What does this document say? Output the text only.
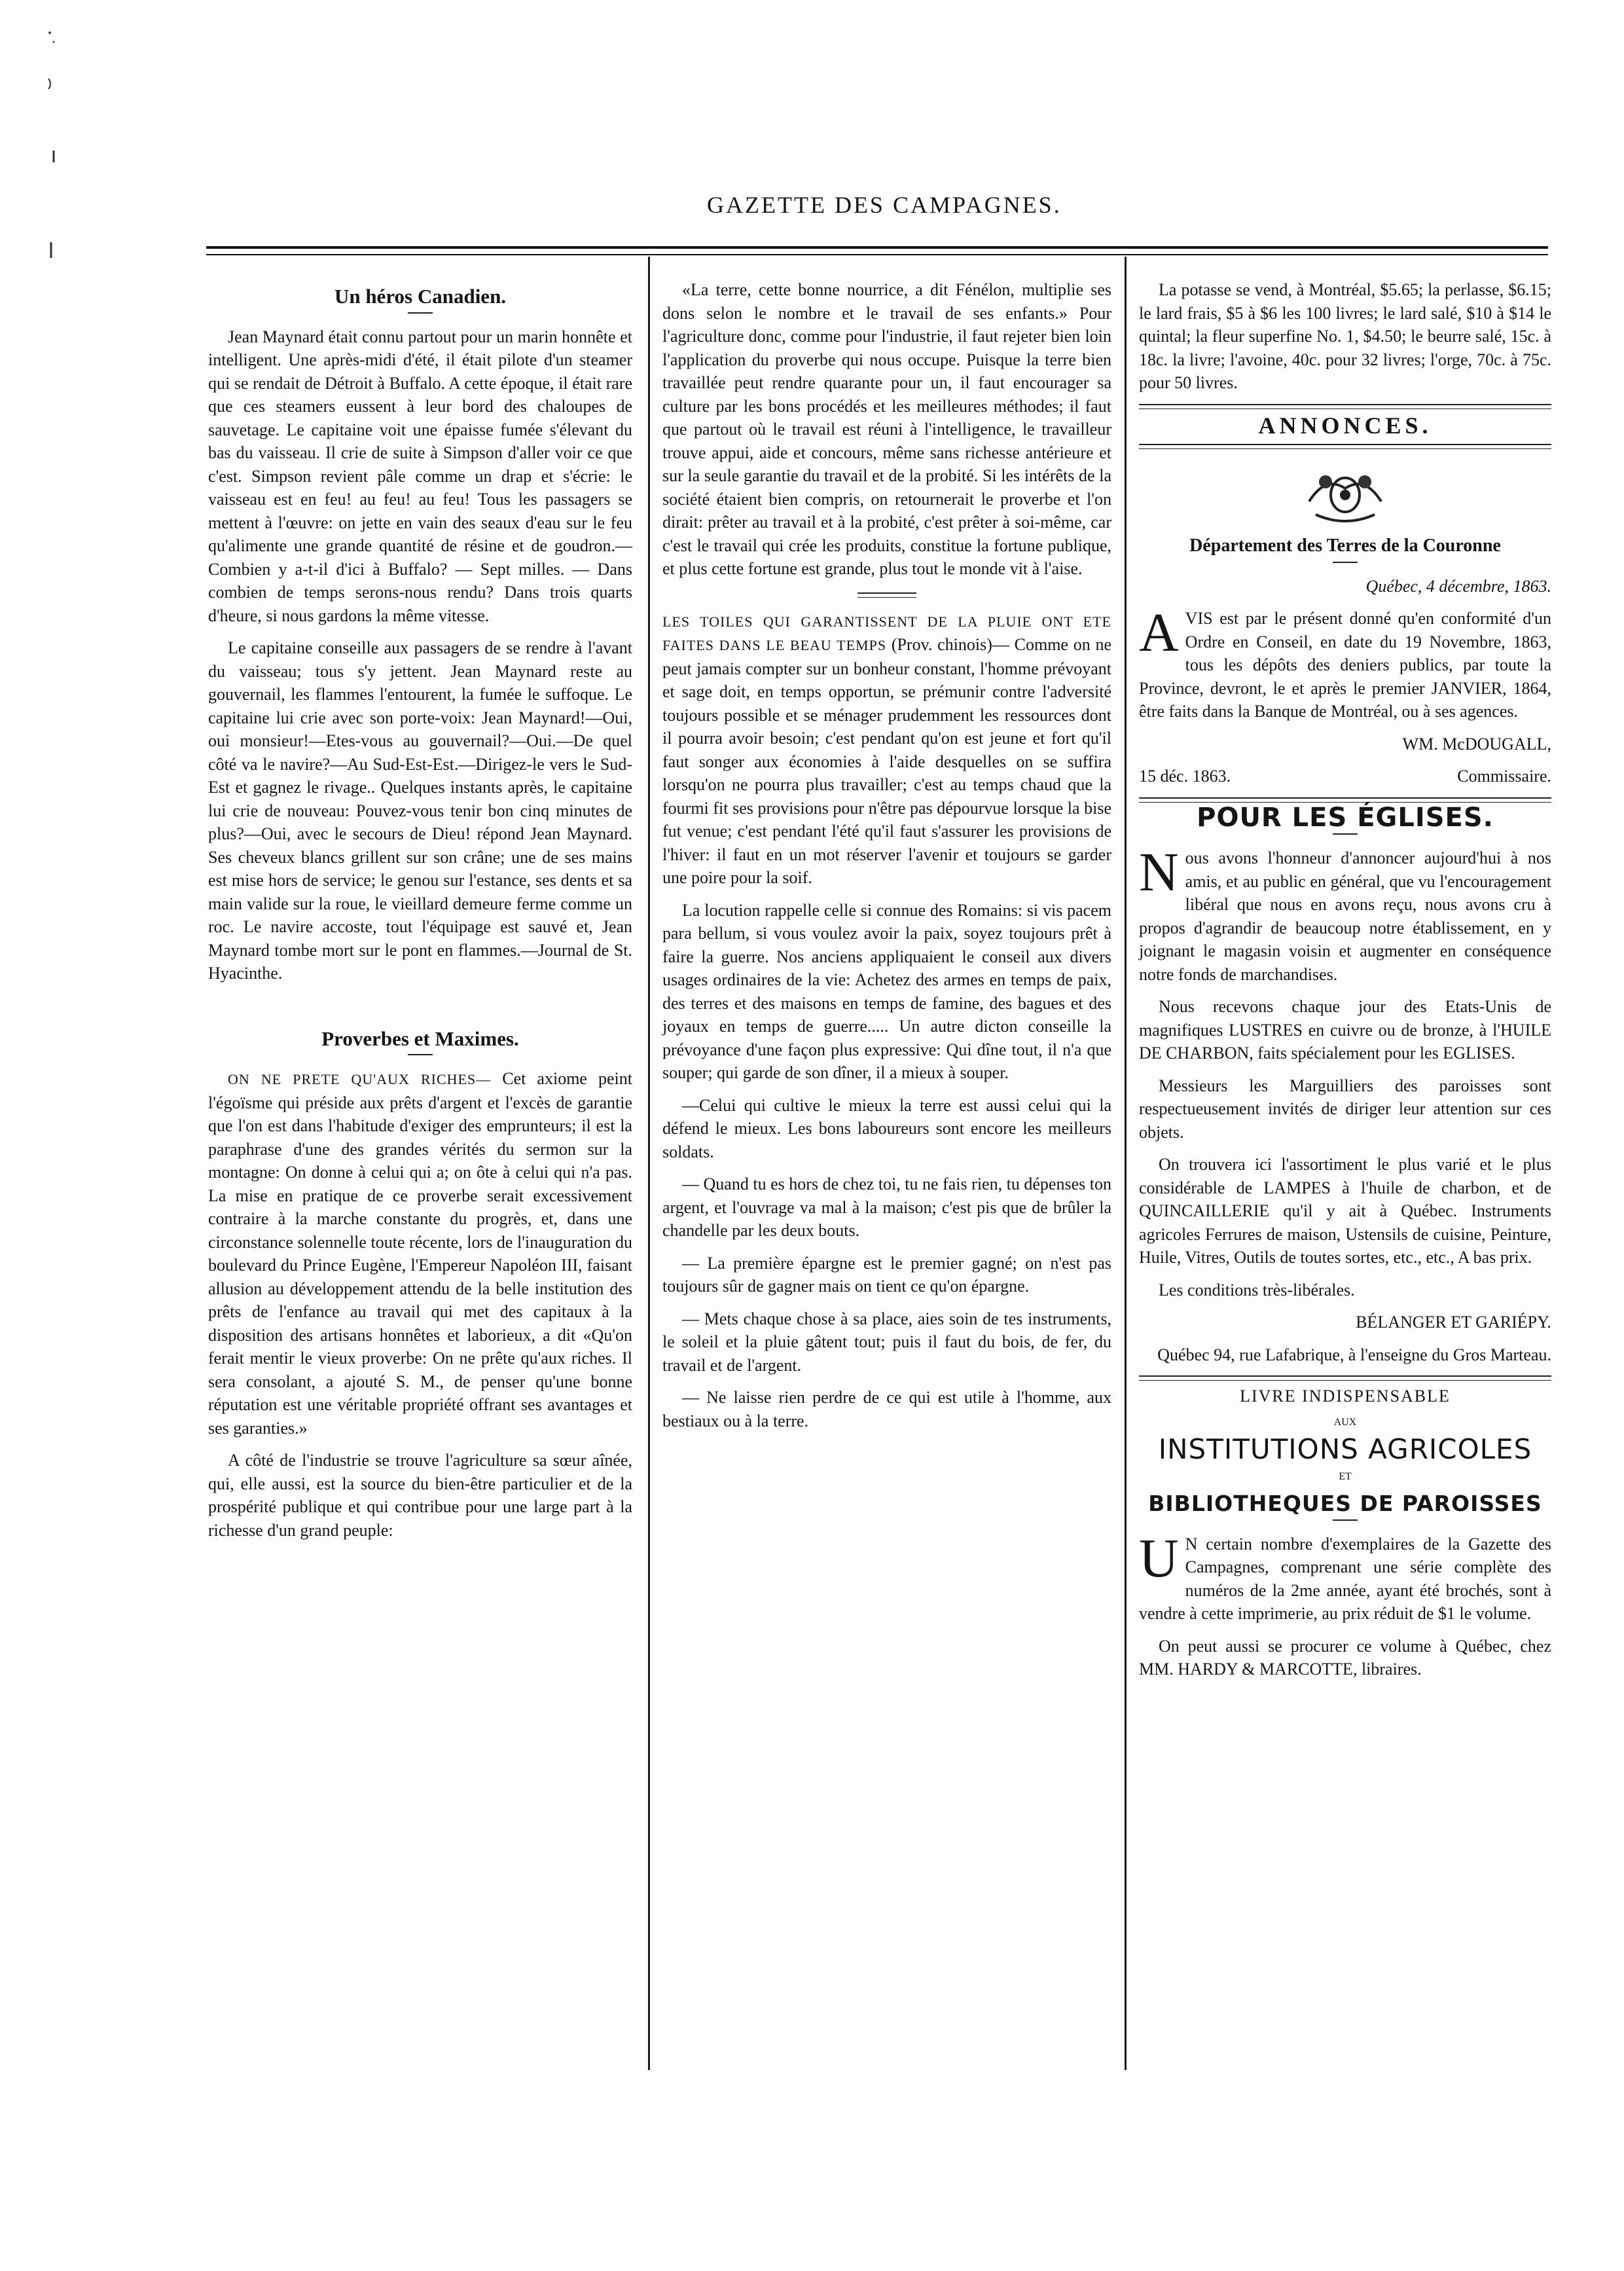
GAZETTE DES CAMPAGNES.
Un héros Canadien.

Jean Maynard était connu partout pour un marin honnête et intelligent. Une après-midi d'été, il était pilote d'un steamer qui se rendait de Détroit à Buffalo. A cette époque, il était rare que ces steamers eussent à leur bord des chaloupes de sauvetage. Le capitaine voit une épaisse fumée s'élevant du bas du vaisseau. Il crie de suite à Simpson d'aller voir ce que c'est. Simpson revient pâle comme un drap et s'écrie: le vaisseau est en feu! au feu! au feu! Tous les passagers se mettent à l'œuvre: on jette en vain des seaux d'eau sur le feu qu'alimente une grande quantité de résine et de goudron.—Combien y a-t-il d'ici à Buffalo? — Sept milles. — Dans combien de temps serons-nous rendu? Dans trois quarts d'heure, si nous gardons la même vitesse.

Le capitaine conseille aux passagers de se rendre à l'avant du vaisseau; tous s'y jettent. Jean Maynard reste au gouvernail, les flammes l'entourent, la fumée le suffoque. Le capitaine lui crie avec son porte-voix: Jean Maynard!—Oui, oui monsieur!—Etes-vous au gouvernail?—Oui.—De quel côté va le navire?—Au Sud-Est-Est.—Dirigez-le vers le Sud-Est et gagnez le rivage.. Quelques instants après, le capitaine lui crie de nouveau: Pouvez-vous tenir bon cinq minutes de plus?—Oui, avec le secours de Dieu! répond Jean Maynard. Ses cheveux blancs grillent sur son crâne; une de ses mains est mise hors de service; le genou sur l'estance, ses dents et sa main valide sur la roue, le vieillard demeure ferme comme un roc. Le navire accoste, tout l'équipage est sauvé et, Jean Maynard tombe mort sur le pont en flammes.—Journal de St. Hyacinthe.

Proverbes et Maximes.

ON NE PRETE QU'AUX RICHES— Cet axiome peint l'égoïsme qui préside aux prêts d'argent et l'excès de garantie que l'on est dans l'habitude d'exiger des emprunteurs; il est la paraphrase d'une des grandes vérités du sermon sur la montagne: On donne à celui qui a; on ôte à celui qui n'a pas. La mise en pratique de ce proverbe serait excessivement contraire à la marche constante du progrès, et, dans une circonstance solennelle toute récente, lors de l'inauguration du boulevard du Prince Eugène, l'Empereur Napoléon III, faisant allusion au développement attendu de la belle institution des prêts de l'enfance au travail qui met des capitaux à la disposition des artisans honnêtes et laborieux, a dit «Qu'on ferait mentir le vieux proverbe: On ne prête qu'aux riches. Il sera consolant, a ajouté S. M., de penser qu'une bonne réputation est une véritable propriété offrant ses avantages et ses garanties.»

A côté de l'industrie se trouve l'agriculture sa sœur aînée, qui, elle aussi, est la source du bien-être particulier et de la prospérité publique et qui contribue pour une large part à la richesse d'un grand peuple:

«La terre, cette bonne nourrice, a dit Fénélon, multiplie ses dons selon le nombre et le travail de ses enfants.» Pour l'agriculture donc, comme pour l'industrie, il faut rejeter bien loin l'application du proverbe qui nous occupe. Puisque la terre bien travaillée peut rendre quarante pour un, il faut encourager sa culture par les bons procédés et les meilleures méthodes; il faut que partout où le travail est réuni à l'intelligence, le travailleur trouve appui, aide et concours, même sans richesse antérieure et sur la seule garantie du travail et de la probité. Si les intérêts de la société étaient bien compris, on retournerait le proverbe et l'on dirait: prêter au travail et à la probité, c'est prêter à soi-même, car c'est le travail qui crée les produits, constitue la fortune publique, et plus cette fortune est grande, plus tout le monde vit à l'aise.

LES TOILES QUI GARANTISSENT DE LA PLUIE ONT ETE FAITES DANS LE BEAU TEMPS (Prov. chinois)— Comme on ne peut jamais compter sur un bonheur constant, l'homme prévoyant et sage doit, en temps opportun, se prémunir contre l'adversité toujours possible et se ménager prudemment les ressources dont il pourra avoir besoin; c'est pendant qu'on est jeune et fort qu'il faut songer aux économies à l'aide desquelles on se suffira lorsqu'on ne pourra plus travailler; c'est au temps chaud que la fourmi fit ses provisions pour n'être pas dépourvue lorsque la bise fut venue; c'est pendant l'été qu'il faut s'assurer les provisions de l'hiver: il faut en un mot réserver l'avenir et toujours se garder une poire pour la soif.

La locution rappelle celle si connue des Romains: si vis pacem para bellum, si vous voulez avoir la paix, soyez toujours prêt à faire la guerre. Nos anciens appliquaient le conseil aux divers usages ordinaires de la vie: Achetez des armes en temps de paix, des terres et des maisons en temps de famine, des bagues et des joyaux en temps de guerre..... Un autre dicton conseille la prévoyance d'une façon plus expressive: Qui dîne tout, il n'a que souper; qui garde de son dîner, il a mieux à souper.

—Celui qui cultive le mieux la terre est aussi celui qui la défend le mieux. Les bons laboureurs sont encore les meilleurs soldats.

— Quand tu es hors de chez toi, tu ne fais rien, tu dépenses ton argent, et l'ouvrage va mal à la maison; c'est pis que de brûler la chandelle par les deux bouts.

— La première épargne est le premier gagné; on n'est pas toujours sûr de gagner mais on tient ce qu'on épargne.

— Mets chaque chose à sa place, aies soin de tes instruments, le soleil et la pluie gâtent tout; puis il faut du bois, de fer, du travail et de l'argent.

— Ne laisse rien perdre de ce qui est utile à l'homme, aux bestiaux ou à la terre.

La potasse se vend, à Montréal, $5.65; la perlasse, $6.15; le lard frais, $5 à $6 les 100 livres; le lard salé, $10 à $14 le quintal; la fleur superfine No. 1, $4.50; le beurre salé, 15c. à 18c. la livre; l'avoine, 40c. pour 32 livres; l'orge, 70c. à 75c. pour 50 livres.

ANNONCES.
Département des Terres de la Couronne

Québec, 4 décembre, 1863.

AVIS est par le présent donné qu'en conformité d'un Ordre en Conseil, en date du 19 Novembre, 1863, tous les dépôts des deniers publics, par toute la Province, devront, le et après le premier JANVIER, 1864, être faits dans la Banque de Montréal, ou à ses agences.

WM. McDOUGALL,

15 déc. 1863.	Commissaire.
POUR LES ÉGLISES.

Nous avons l'honneur d'annoncer aujourd'hui à nos amis, et au public en général, que vu l'encouragement libéral que nous en avons reçu, nous avons cru à propos d'agrandir de beaucoup notre établissement, en y joignant le magasin voisin et augmenter en conséquence notre fonds de marchandises.

Nous recevons chaque jour des Etats-Unis de magnifiques LUSTRES en cuivre ou de bronze, à l'HUILE DE CHARBON, faits spécialement pour les EGLISES.

Messieurs les Marguilliers des paroisses sont respectueusement invités de diriger leur attention sur ces objets.

On trouvera ici l'assortiment le plus varié et le plus considérable de LAMPES à l'huile de charbon, et de QUINCAILLERIE qu'il y ait à Québec. Instruments agricoles Ferrures de maison, Ustensils de cuisine, Peinture, Huile, Vitres, Outils de toutes sortes, etc., etc., A bas prix.

Les conditions très-libérales.

BÉLANGER ET GARIÉPY.

Québec 94, rue Lafabrique, à l'enseigne du Gros Marteau.

LIVRE INDISPENSABLE

AUX

INSTITUTIONS AGRICOLES

ET

BIBLIOTHEQUES DE PAROISSES

U N certain nombre d'exemplaires de la Gazette des Campagnes, comprenant une série complète des numéros de la 2me année, ayant été brochés, sont à vendre à cette imprimerie, au prix réduit de $1 le volume.

On peut aussi se procurer ce volume à Québec, chez MM. HARDY & MARCOTTE, libraires.
